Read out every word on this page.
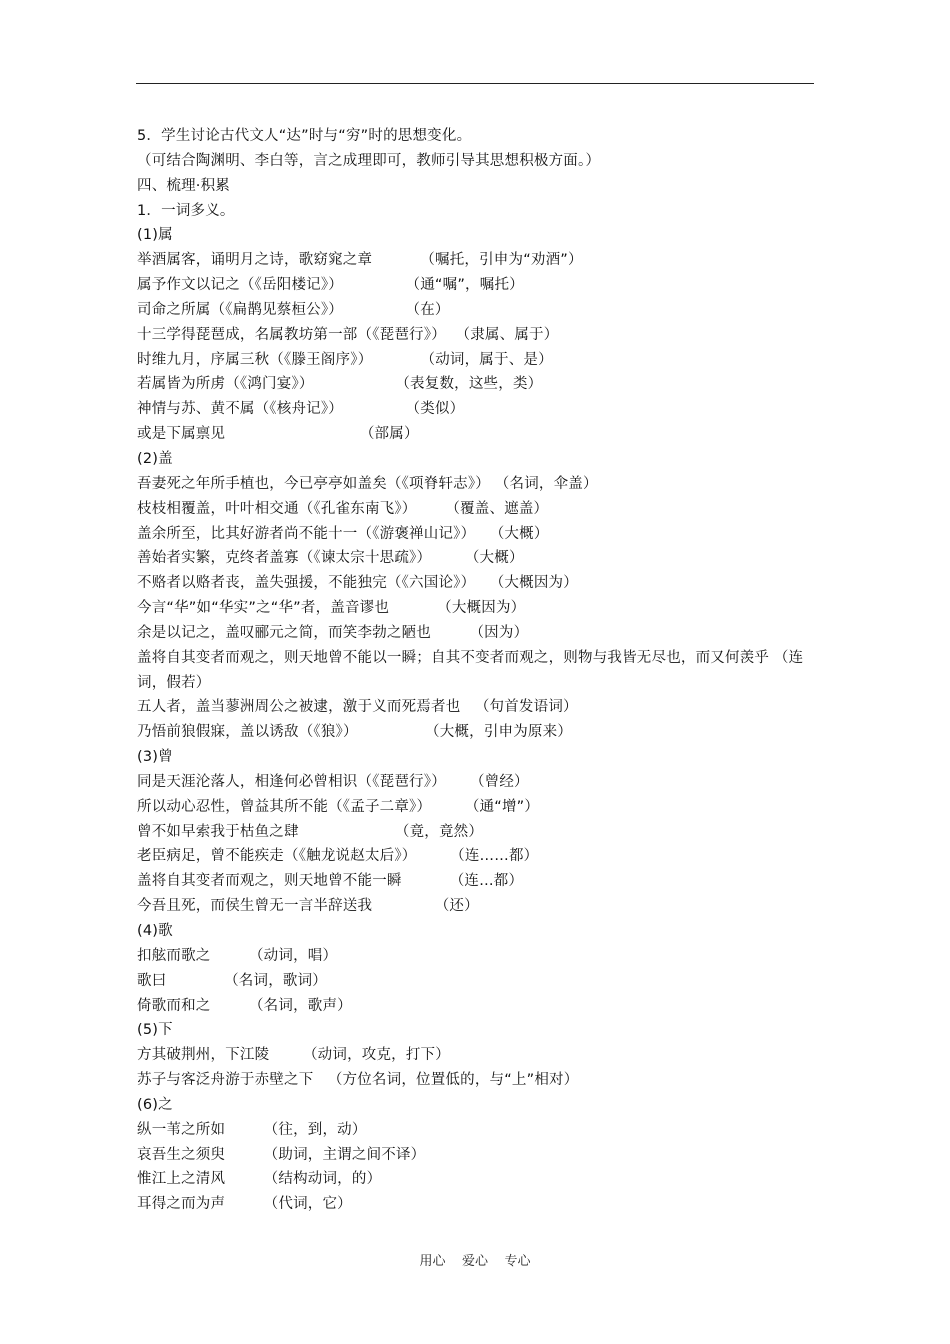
5．学生讨论古代文人“达”时与“穷”时的思想变化。
（可结合陶渊明、李白等，言之成理即可，教师引导其思想积极方面。）
四、梳理·积累
1．一词多义。
(1)属
举酒属客，诵明月之诗，歌窈窕之章          （嘱托，引申为“劝酒”）
属予作文以记之（《岳阳楼记》）             （通“嘱”，嘱托）
司命之所属（《扁鹊见蔡桓公》）             （在）
十三学得琵琶成，名属教坊第一部（《琵琶行》）  （隶属、属于）
时维九月，序属三秋（《滕王阁序》）          （动词，属于、是）
若属皆为所虏（《鸿门宴》）                 （表复数，这些，类）
神情与苏、黄不属（《核舟记》）             （类似）
或是下属禀见                            （部属）
(2)盖
吾妻死之年所手植也，今已亭亭如盖矣（《项脊轩志》） （名词，伞盖）
枝枝相覆盖，叶叶相交通（《孔雀东南飞》）      （覆盖、遮盖）
盖余所至，比其好游者尚不能十一（《游褒禅山记》）   （大概）
善始者实繁，克终者盖寡（《谏太宗十思疏》）       （大概）
不赂者以赂者丧，盖失强援，不能独完（《六国论》）   （大概因为）
今言“华”如“华实”之“华”者，盖音谬也          （大概因为）
余是以记之，盖叹郦元之简，而笑李勃之陋也        （因为）
盖将自其变者而观之，则天地曾不能以一瞬；自其不变者而观之，则物与我皆无尽也，而又何羡乎 （连词，假若）
五人者，盖当蓼洲周公之被逮，激于义而死焉者也   （句首发语词）
乃悟前狼假寐，盖以诱敌（《狼》）              （大概，引申为原来）
(3)曾
同是天涯沦落人，相逢何必曾相识（《琵琶行》）     （曾经）
所以动心忍性，曾益其所不能（《孟子二章》）       （通“增”）
曾不如早索我于枯鱼之肆                    （竟，竟然）
老臣病足，曾不能疾走（《触龙说赵太后》）       （连……都）
盖将自其变者而观之，则天地曾不能一瞬          （连…都）
今吾且死，而侯生曾无一言半辞送我             （还）
(4)歌
扣舷而歌之        （动词，唱）
歌曰            （名词，歌词）
倚歌而和之        （名词，歌声）
(5)下
方其破荆州，下江陵       （动词，攻克，打下）
苏子与客泛舟游于赤壁之下   （方位名词，位置低的，与“上”相对）
(6)之
纵一苇之所如        （往，到，动）
哀吾生之须臾        （助词，主谓之间不译）
惟江上之清风        （结构动词，的）
耳得之而为声        （代词，它）
用心    爱心    专心
